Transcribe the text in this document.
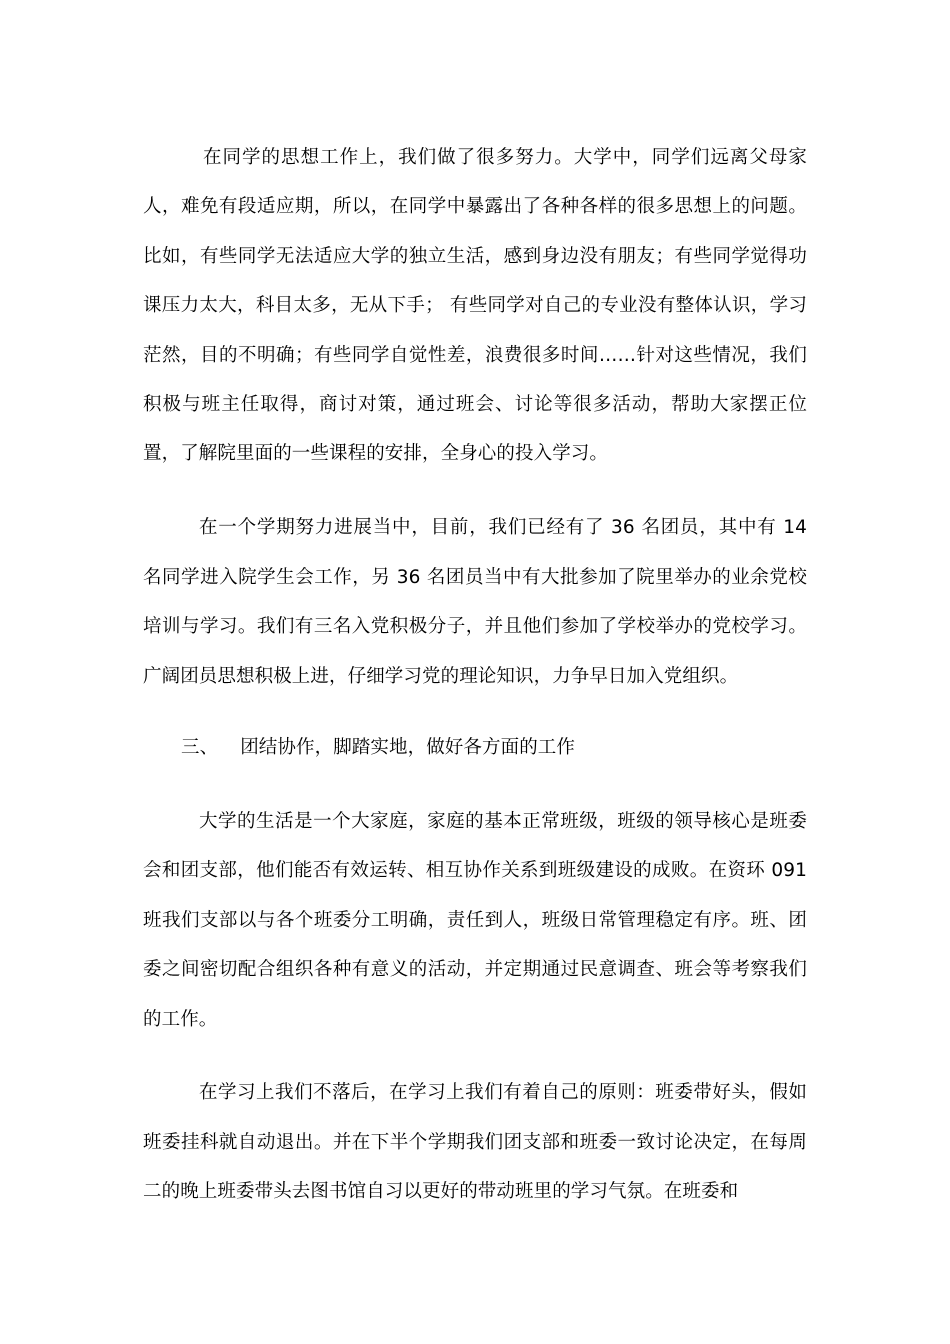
在同学的思想工作上，我们做了很多努力。大学中，同学们远离父母家人，难免有段适应期，所以，在同学中暴露出了各种各样的很多思想上的问题。比如，有些同学无法适应大学的独立生活，感到身边没有朋友；有些同学觉得功课压力太大，科目太多，无从下手； 有些同学对自己的专业没有整体认识，学习茫然，目的不明确；有些同学自觉性差，浪费很多时间……针对这些情况，我们积极与班主任取得，商讨对策，通过班会、讨论等很多活动，帮助大家摆正位置，了解院里面的一些课程的安排，全身心的投入学习。

在一个学期努力进展当中，目前，我们已经有了 36 名团员，其中有 14 名同学进入院学生会工作，另 36 名团员当中有大批参加了院里举办的业余党校培训与学习。我们有三名入党积极分子，并且他们参加了学校举办的党校学习。广阔团员思想积极上进，仔细学习党的理论知识，力争早日加入党组织。

三、 团结协作，脚踏实地，做好各方面的工作

大学的生活是一个大家庭，家庭的基本正常班级，班级的领导核心是班委会和团支部，他们能否有效运转、相互协作关系到班级建设的成败。在资环 091 班我们支部以与各个班委分工明确，责任到人，班级日常管理稳定有序。班、团委之间密切配合组织各种有意义的活动，并定期通过民意调查、班会等考察我们的工作。

在学习上我们不落后，在学习上我们有着自己的原则：班委带好头，假如班委挂科就自动退出。并在下半个学期我们团支部和班委一致讨论决定，在每周二的晚上班委带头去图书馆自习以更好的带动班里的学习气氛。在班委和
